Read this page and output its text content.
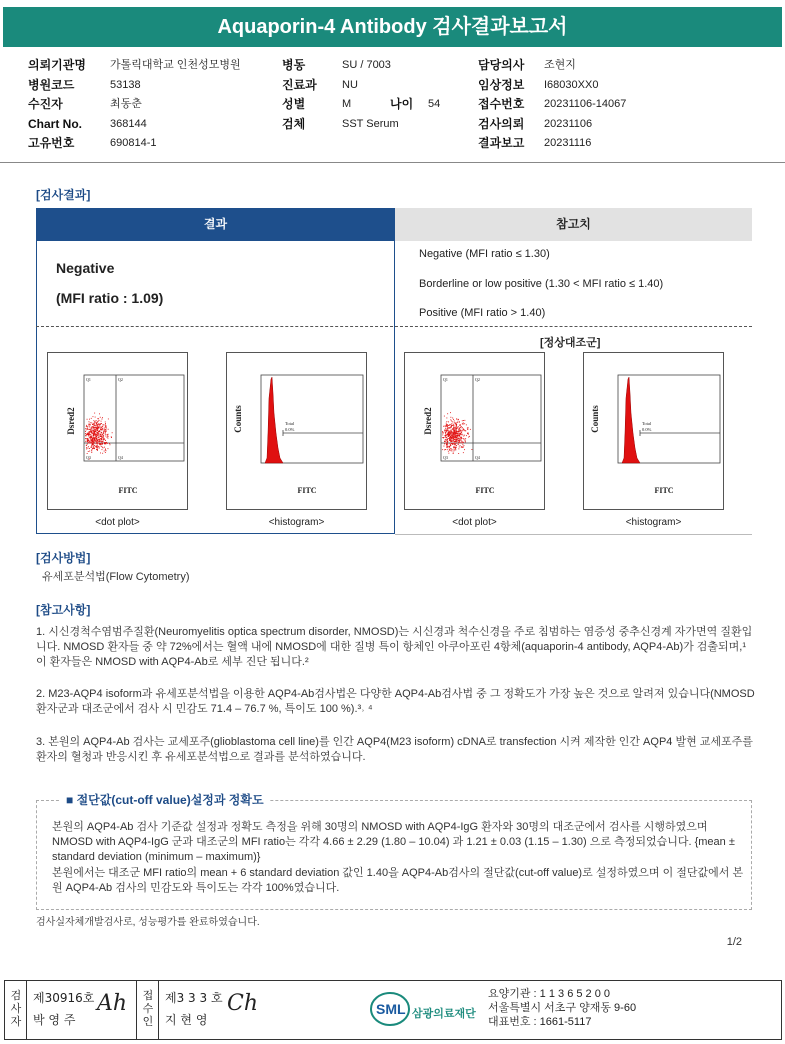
Aquaporin-4 Antibody 검사결과보고서
의뢰기관명 가톨릭대학교 인천성모병원	병동	SU / 7003	담당의사 조현지
병원코드	53138	진료과 NU	임상정보 I68030XX0
수진자	최동춘	성별	M	나이 54	접수번호 20231106-14067
Chart No.	368144	검체	SST Serum	검사의뢰 20231106
고유번호	690814-1	결과보고 20231116
[검사결과]
결과	참고치
Negative
(MFI ratio : 1.09)
Negative (MFI ratio ≤ 1.30)
Borderline or low positive (1.30 < MFI ratio ≤ 1.40)
Positive (MFI ratio > 1.40)
[정상대조군]
Q1	Q2
Q3	Q4
Dsred2
FITC
Total
0.0%
Counts
FITC
Q1	Q2
Q3	Q4
Dsred2
FITC
Total
0.0%
Counts
FITC
<dot plot>	<histogram>	<dot plot>	<histogram>
[검사방법]
유세포분석법(Flow Cytometry)
[참고사항]
1. 시신경척수염범주질환(Neuromyelitis optica spectrum disorder, NMOSD)는 시신경과 척수신경을 주로 침범하는 염증성 중추신경계 자가면역 질환입니다. NMOSD 환자들 중 약 72%에서는 혈액 내에 NMOSD에 대한 질병 특이 항체인 아쿠아포린 4항체(aquaporin-4 antibody, AQP4-Ab)가 검출되며,¹ 이 환자들은 NMOSD with AQP4-Ab로 세부 진단 됩니다.²
2. M23-AQP4 isoform과 유세포분석법을 이용한 AQP4-Ab검사법은 다양한 AQP4-Ab검사법 중 그 정확도가 가장 높은 것으로 알려져 있습니다(NMOSD환자군과 대조군에서 검사 시 민감도 71.4 – 76.7 %, 특이도 100 %).³˒ ⁴
3. 본원의 AQP4-Ab 검사는 교세포주(glioblastoma cell line)를 인간 AQP4(M23 isoform) cDNA로 transfection 시켜 제작한 인간 AQP4 발현 교세포주를 환자의 혈청과 반응시킨 후 유세포분석법으로 결과를 분석하였습니다.
■ 절단값(cut-off value)설정과 정확도
본원의 AQP4-Ab 검사 기준값 설정과 정확도 측정을 위해 30명의 NMOSD with AQP4-IgG 환자와 30명의 대조군에서 검사를 시행하였으며 NMOSD with AQP4-IgG 군과 대조군의 MFI ratio는 각각 4.66 ± 2.29 (1.80 – 10.04) 과 1.21 ± 0.03 (1.15 – 1.30) 으로 측정되었습니다. {mean ± standard deviation (minimum – maximum)}
본원에서는 대조군 MFI ratio의 mean + 6 standard deviation 값인 1.40을 AQP4-Ab검사의 절단값(cut-off value)로 설정하였으며 이 절단값에서 본원 AQP4-Ab 검사의 민감도와 특이도는 각각 100%였습니다.
검사실자체개발검사로, 성능평가를 완료하였습니다.
1/2
검
사
자
제30916호
박 영 주
Ah 접
수
인
제3 3 3 호
지 현 영
Ch	SML 삼광의료재단
요양기관 : 1 1 3 6 5 2 0 0
서울특별시 서초구 양재동 9-60
대표번호 : 1661-5117
